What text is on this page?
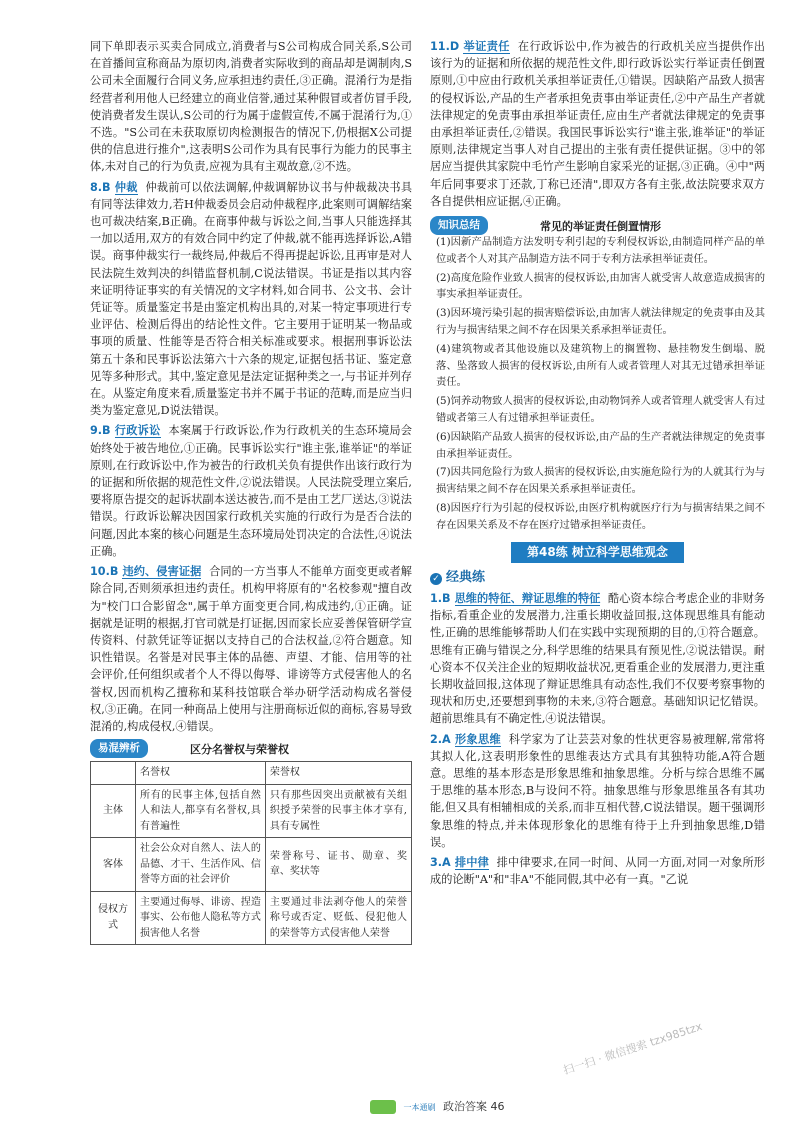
同下单即表示买卖合同成立,消费者与S公司构成合同关系,S公司在首播间宣称商品为原切肉,消费者实际收到的商品却是调制肉,S公司未全面履行合同义务,应承担违约责任,③正确。混淆行为是指经营者利用他人已经建立的商业信誉,通过某种假冒或者仿冒手段,使消费者发生误认,S公司的行为属于虚假宣传,不属于混淆行为,①不选。"S公司在未获取原切肉检测报告的情况下,仍根据X公司提供的信息进行推介",这表明S公司作为具有民事行为能力的民事主体,未对自己的行为负责,应视为具有主观故意,②不选。

8.B 仲裁 仲裁前可以依法调解,仲裁调解协议书与仲裁裁决书具有同等法律效力,若H仲裁委员会启动仲裁程序,此案则可调解结案也可裁决结案,B正确。在商事仲裁与诉讼之间,当事人只能选择其一加以适用,双方的有效合同中约定了仲裁,就不能再选择诉讼,A错误。商事仲裁实行一裁终局,仲裁后不得再提起诉讼,且再审是对人民法院生效判决的纠错监督机制,C说法错误。书证是指以其内容来证明待证事实的有关情况的文字材料,如合同书、公文书、会计凭证等。质量鉴定书是由鉴定机构出具的,对某一特定事项进行专业评估、检测后得出的结论性文件。它主要用于证明某一物品或事项的质量、性能等是否符合相关标准或要求。根据刑事诉讼法第五十条和民事诉讼法第六十六条的规定,证据包括书证、鉴定意见等多种形式。其中,鉴定意见是法定证据种类之一,与书证并列存在。从鉴定角度来看,质量鉴定书并不属于书证的范畴,而是应当归类为鉴定意见,D说法错误。

9.B 行政诉讼 本案属于行政诉讼,作为行政机关的生态环境局会始终处于被告地位,①正确。民事诉讼实行"谁主张,谁举证"的举证原则,在行政诉讼中,作为被告的行政机关负有提供作出该行政行为的证据和所依据的规范性文件,②说法错误。人民法院受理立案后,要将原告提交的起诉状副本送达被告,而不是由工艺厂送达,③说法错误。行政诉讼解决因国家行政机关实施的行政行为是否合法的问题,因此本案的核心问题是生态环境局处罚决定的合法性,④说法正确。

10.B 违约、侵害证据 合同的一方当事人不能单方面变更或者解除合同,否则须承担违约责任。机构甲将原有的"名校参观"擅自改为"校门口合影留念",属于单方面变更合同,构成违约,①正确。证据就是证明的根据,打官司就是打证据,因而家长应妥善保管研学宣传资料、付款凭证等证据以支持自己的合法权益,②符合题意。知识性错误。名誉是对民事主体的品德、声望、才能、信用等的社会评价,任何组织或者个人不得以侮辱、诽谤等方式侵害他人的名誉权,因而机构乙擅称和某科技馆联合举办研学活动构成名誉侵权,③正确。在同一种商品上使用与注册商标近似的商标,容易导致混淆的,构成侵权,④错误。

易混辨析	区分名誉权与荣誉权
	名誉权	荣誉权
主体	所有的民事主体,包括自然人和法人,都享有名誉权,具有普遍性	只有那些因突出贡献被有关组织授予荣誉的民事主体才享有,具有专属性
客体	社会公众对自然人、法人的品德、才干、生活作风、信誉等方面的社会评价	荣誉称号、证书、勋章、奖章、奖状等
侵权方式	主要通过侮辱、诽谤、捏造事实、公布他人隐私等方式损害他人名誉	主要通过非法剥夺他人的荣誉称号或否定、贬低、侵犯他人的荣誉等方式侵害他人荣誉

11.D 举证责任 在行政诉讼中,作为被告的行政机关应当提供作出该行为的证据和所依据的规范性文件,即行政诉讼实行举证责任倒置原则,①中应由行政机关承担举证责任,①错误。因缺陷产品致人损害的侵权诉讼,产品的生产者承担免责事由举证责任,②中产品生产者就法律规定的免责事由承担举证责任,应由生产者就法律规定的免责事由承担举证责任,②错误。我国民事诉讼实行"谁主张,谁举证"的举证原则,法律规定当事人对自己提出的主张有责任提供证据。③中的邻居应当提供其家院中毛竹产生影响自家采光的证据,③正确。④中"两年后同事要求丁还款,丁称已还清",即双方各有主张,故法院要求双方各自提供相应证据,④正确。

知识总结	常见的举证责任倒置情形

(1)因新产品制造方法发明专利引起的专利侵权诉讼,由制造同样产品的单位或者个人对其产品制造方法不同于专利方法承担举证责任。

(2)高度危险作业致人损害的侵权诉讼,由加害人就受害人故意造成损害的事实承担举证责任。

(3)因环境污染引起的损害赔偿诉讼,由加害人就法律规定的免责事由及其行为与损害结果之间不存在因果关系承担举证责任。

(4)建筑物或者其他设施以及建筑物上的搁置物、悬挂物发生倒塌、脱落、坠落致人损害的侵权诉讼,由所有人或者管理人对其无过错承担举证责任。

(5)饲养动物致人损害的侵权诉讼,由动物饲养人或者管理人就受害人有过错或者第三人有过错承担举证责任。

(6)因缺陷产品致人损害的侵权诉讼,由产品的生产者就法律规定的免责事由承担举证责任。

(7)因共同危险行为致人损害的侵权诉讼,由实施危险行为的人就其行为与损害结果之间不存在因果关系承担举证责任。

(8)因医疗行为引起的侵权诉讼,由医疗机构就医疗行为与损害结果之间不存在因果关系及不存在医疗过错承担举证责任。

第48练 树立科学思维观念
✓ 经典练

1.B 思维的特征、辩证思维的特征 酷心资本综合考虑企业的非财务指标,看重企业的发展潜力,注重长期收益回报,这体现思维具有能动性,正确的思维能够帮助人们在实践中实现预期的目的,①符合题意。思维有正确与错误之分,科学思维的结果具有预见性,②说法错误。耐心资本不仅关注企业的短期收益状况,更看重企业的发展潜力,更注重长期收益回报,这体现了辩证思维具有动态性,我们不仅要考察事物的现状和历史,还要想到事物的未来,③符合题意。基础知识记忆错误。超前思维具有不确定性,④说法错误。

2.A 形象思维 科学家为了让芸芸对象的性状更容易被理解,常常将其拟人化,这表明形象性的思维表达方式具有其独特功能,A符合题意。思维的基本形态是形象思维和抽象思维。分析与综合思维不属于思维的基本形态,B与设问不符。抽象思维与形象思维虽各有其功能,但又具有相辅相成的关系,而非互相代替,C说法错误。题干强调形象思维的特点,并未体现形象化的思维有待于上升到抽象思维,D错误。

3.A 排中律 排中律要求,在同一时间、从同一方面,对同一对象所形成的论断"A"和"非A"不能同假,其中必有一真。"乙说

扫一扫 · 微信搜索 tzx985tzx
一本通刷 政治答案 46
